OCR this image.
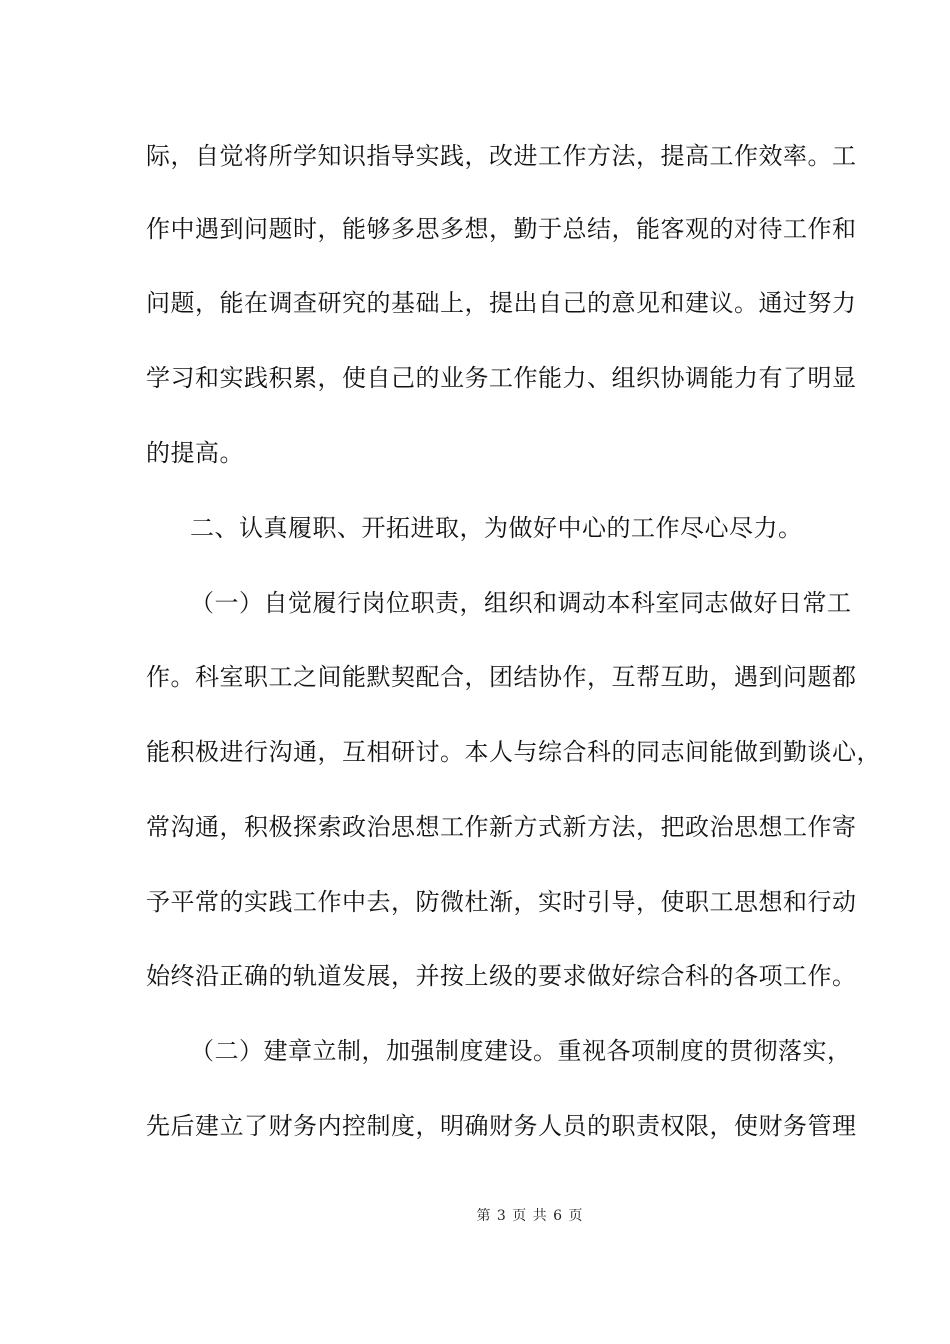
际，自觉将所学知识指导实践，改进工作方法，提高工作效率。工
作中遇到问题时，能够多思多想，勤于总结，能客观的对待工作和
问题，能在调查研究的基础上，提出自己的意见和建议。通过努力
学习和实践积累，使自己的业务工作能力、组织协调能力有了明显
的提高。
二、认真履职、开拓进取，为做好中心的工作尽心尽力。
（一）自觉履行岗位职责，组织和调动本科室同志做好日常工
作。科室职工之间能默契配合，团结协作，互帮互助，遇到问题都
能积极进行沟通，互相研讨。本人与综合科的同志间能做到勤谈心，
常沟通，积极探索政治思想工作新方式新方法，把政治思想工作寄
予平常的实践工作中去，防微杜渐，实时引导，使职工思想和行动
始终沿正确的轨道发展，并按上级的要求做好综合科的各项工作。
（二）建章立制，加强制度建设。重视各项制度的贯彻落实，
先后建立了财务内控制度，明确财务人员的职责权限，使财务管理
第 3 页 共 6 页
